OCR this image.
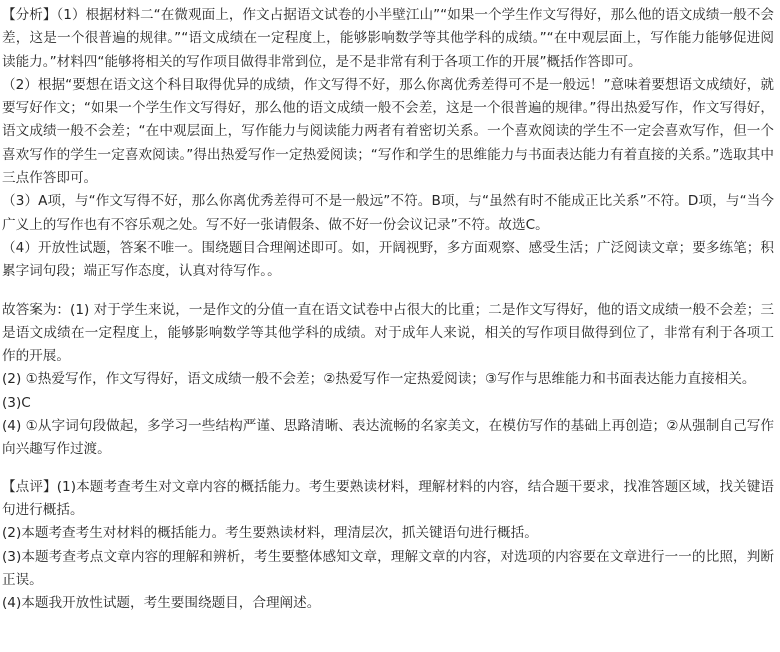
【分析】（1）根据材料二“在微观面上，作文占据语文试卷的小半壁江山”“如果一个学生作文写得好，那么他的语文成绩一般不会差，这是一个很普遍的规律。”“语文成绩在一定程度上，能够影响数学等其他学科的成绩。”“在中观层面上，写作能力能够促进阅读能力。”材料四“能够将相关的写作项目做得非常到位，是不是非常有利于各项工作的开展”概括作答即可。

（2）根据“要想在语文这个科目取得优异的成绩，作文写得不好，那么你离优秀差得可不是一般远！”意味着要想语文成绩好，就要写好作文；“如果一个学生作文写得好，那么他的语文成绩一般不会差，这是一个很普遍的规律。”得出热爱写作，作文写得好，语文成绩一般不会差；“在中观层面上，写作能力与阅读能力两者有着密切关系。一个喜欢阅读的学生不一定会喜欢写作，但一个喜欢写作的学生一定喜欢阅读。”得出热爱写作一定热爱阅读；“写作和学生的思维能力与书面表达能力有着直接的关系。”选取其中三点作答即可。

（3）A项，与“作文写得不好，那么你离优秀差得可不是一般远”不符。B项，与“虽然有时不能成正比关系”不符。D项，与“当今广义上的写作也有不容乐观之处。写不好一张请假条、做不好一份会议记录”不符。故选C。

（4）开放性试题，答案不唯一。围绕题目合理阐述即可。如，开阔视野，多方面观察、感受生活；广泛阅读文章；要多练笔；积累字词句段；端正写作态度，认真对待写作。。

故答案为：(1) 对于学生来说，一是作文的分值一直在语文试卷中占很大的比重；二是作文写得好，他的语文成绩一般不会差；三是语文成绩在一定程度上，能够影响数学等其他学科的成绩。对于成年人来说，相关的写作项目做得到位了，非常有利于各项工作的开展。

(2) ①热爱写作，作文写得好，语文成绩一般不会差；②热爱写作一定热爱阅读；③写作与思维能力和书面表达能力直接相关。

(3)C

(4) ①从字词句段做起，多学习一些结构严谨、思路清晰、表达流畅的名家美文，在模仿写作的基础上再创造；②从强制自己写作向兴趣写作过渡。

【点评】(1)本题考查考生对文章内容的概括能力。考生要熟读材料，理解材料的内容，结合题干要求，找准答题区域，找关键语句进行概括。

(2)本题考查考生对材料的概括能力。考生要熟读材料，理清层次，抓关键语句进行概括。

(3)本题考查考点文章内容的理解和辨析，考生要整体感知文章，理解文章的内容，对选项的内容要在文章进行一一的比照，判断正误。

(4)本题我开放性试题，考生要围绕题目，合理阐述。
